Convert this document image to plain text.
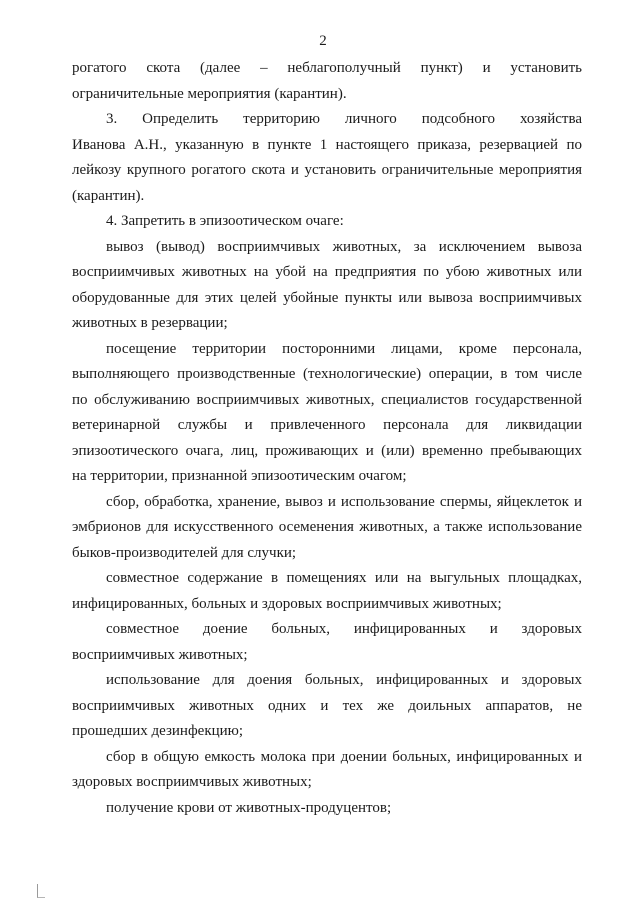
2
рогатого скота (далее – неблагополучный пункт) и установить
ограничительные мероприятия (карантин).
3. Определить территорию личного подсобного хозяйства
Иванова А.Н., указанную в пункте 1 настоящего приказа, резервацией по
лейкозу крупного рогатого скота и установить ограничительные мероприятия
(карантин).
4. Запретить в эпизоотическом очаге:
вывоз (вывод) восприимчивых животных, за исключением вывоза
восприимчивых животных на убой на предприятия по убою животных или
оборудованные для этих целей убойные пункты или вывоза восприимчивых
животных в резервации;
посещение территории посторонними лицами, кроме персонала,
выполняющего производственные (технологические) операции, в том числе
по обслуживанию восприимчивых животных, специалистов государственной
ветеринарной службы и привлеченного персонала для ликвидации
эпизоотического очага, лиц, проживающих и (или) временно пребывающих
на территории, признанной эпизоотическим очагом;
сбор, обработка, хранение, вывоз и использование спермы, яйцеклеток и
эмбрионов для искусственного осеменения животных, а также использование
быков-производителей для случки;
совместное содержание в помещениях или на выгульных площадках,
инфицированных, больных и здоровых восприимчивых животных;
совместное доение больных, инфицированных и здоровых
восприимчивых животных;
использование для доения больных, инфицированных и здоровых
восприимчивых животных одних и тех же доильных аппаратов, не
прошедших дезинфекцию;
сбор в общую емкость молока при доении больных, инфицированных и
здоровых восприимчивых животных;
получение крови от животных-продуцентов;
